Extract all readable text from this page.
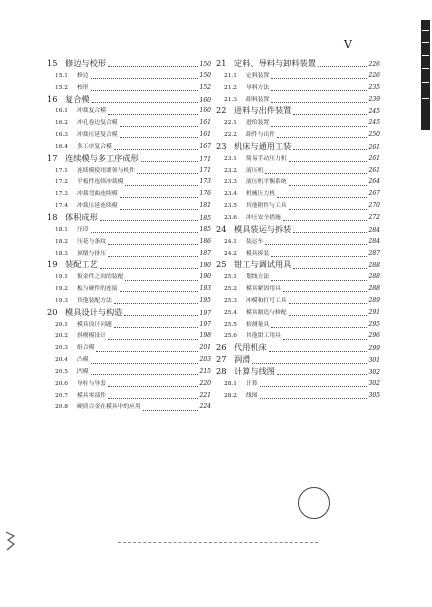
V
15 修边与校形	150
15.1	修边	150
15.2	校形	152
16 复合模	160
16.1	冲裁复合模	160
16.2	冲孔卷边复合模	161
16.3	冲裁压延复合模	161
16.4	多工序复合模	167
17 连续模与多工序成形	171
17.1	连续模使用要领与机件	171
17.2	平板件连续冲裁模	173
17.3	冲裁弯曲连续模	176
17.4	冲裁压延连续模	181
18 体积成形	185
18.1	压印	185
18.2	压花与条纹	186
18.3	顶墩与挤压	187
19 装配工艺	190
19.1	钣金件之间的装配	190
19.2	板与硬件的连接	193
19.3	其他装配方法	195
20 模具设计与构造	197
20.1	模具设计问题	197
20.2	斜楔模设计	198
20.3	组合模	201
20.4	凸模	203
20.5	凹模	215
20.6	导柱与导套	220
20.7	模具零部件	221
20.8	硬质合金在模具中的应用	224
21 定料、导料与卸料装置	226
21.1	定料装置	226
21.2	导料方法	235
21.3	卸料装置	239
22 进料与出件装置	245
22.1	进给装置	245
22.2	卸件与出件	250
23 机床与通用工装	261
23.1	简易手动压力机	261
23.2	液压机	261
23.3	液压机平衡系统	264
23.4	机械压力机	267
23.5	其他附件与工具	270
23.6	冲压安全措施	272
24 模具装运与拆装	284
24.1	装运车	284
24.2	模具拆装	287
25 钳工与调试用具	288
25.1	划线方法	288
25.2	模具紧固用具	288
25.3	冲模和打号工具	289
25.4	模具制造与修配	291
25.5	检测量具	295
25.6	其他钳工用具	296
26 代用机床	299
27 润滑	301
28 计算与线图	302
28.1	计算	302
28.2	线图	305
